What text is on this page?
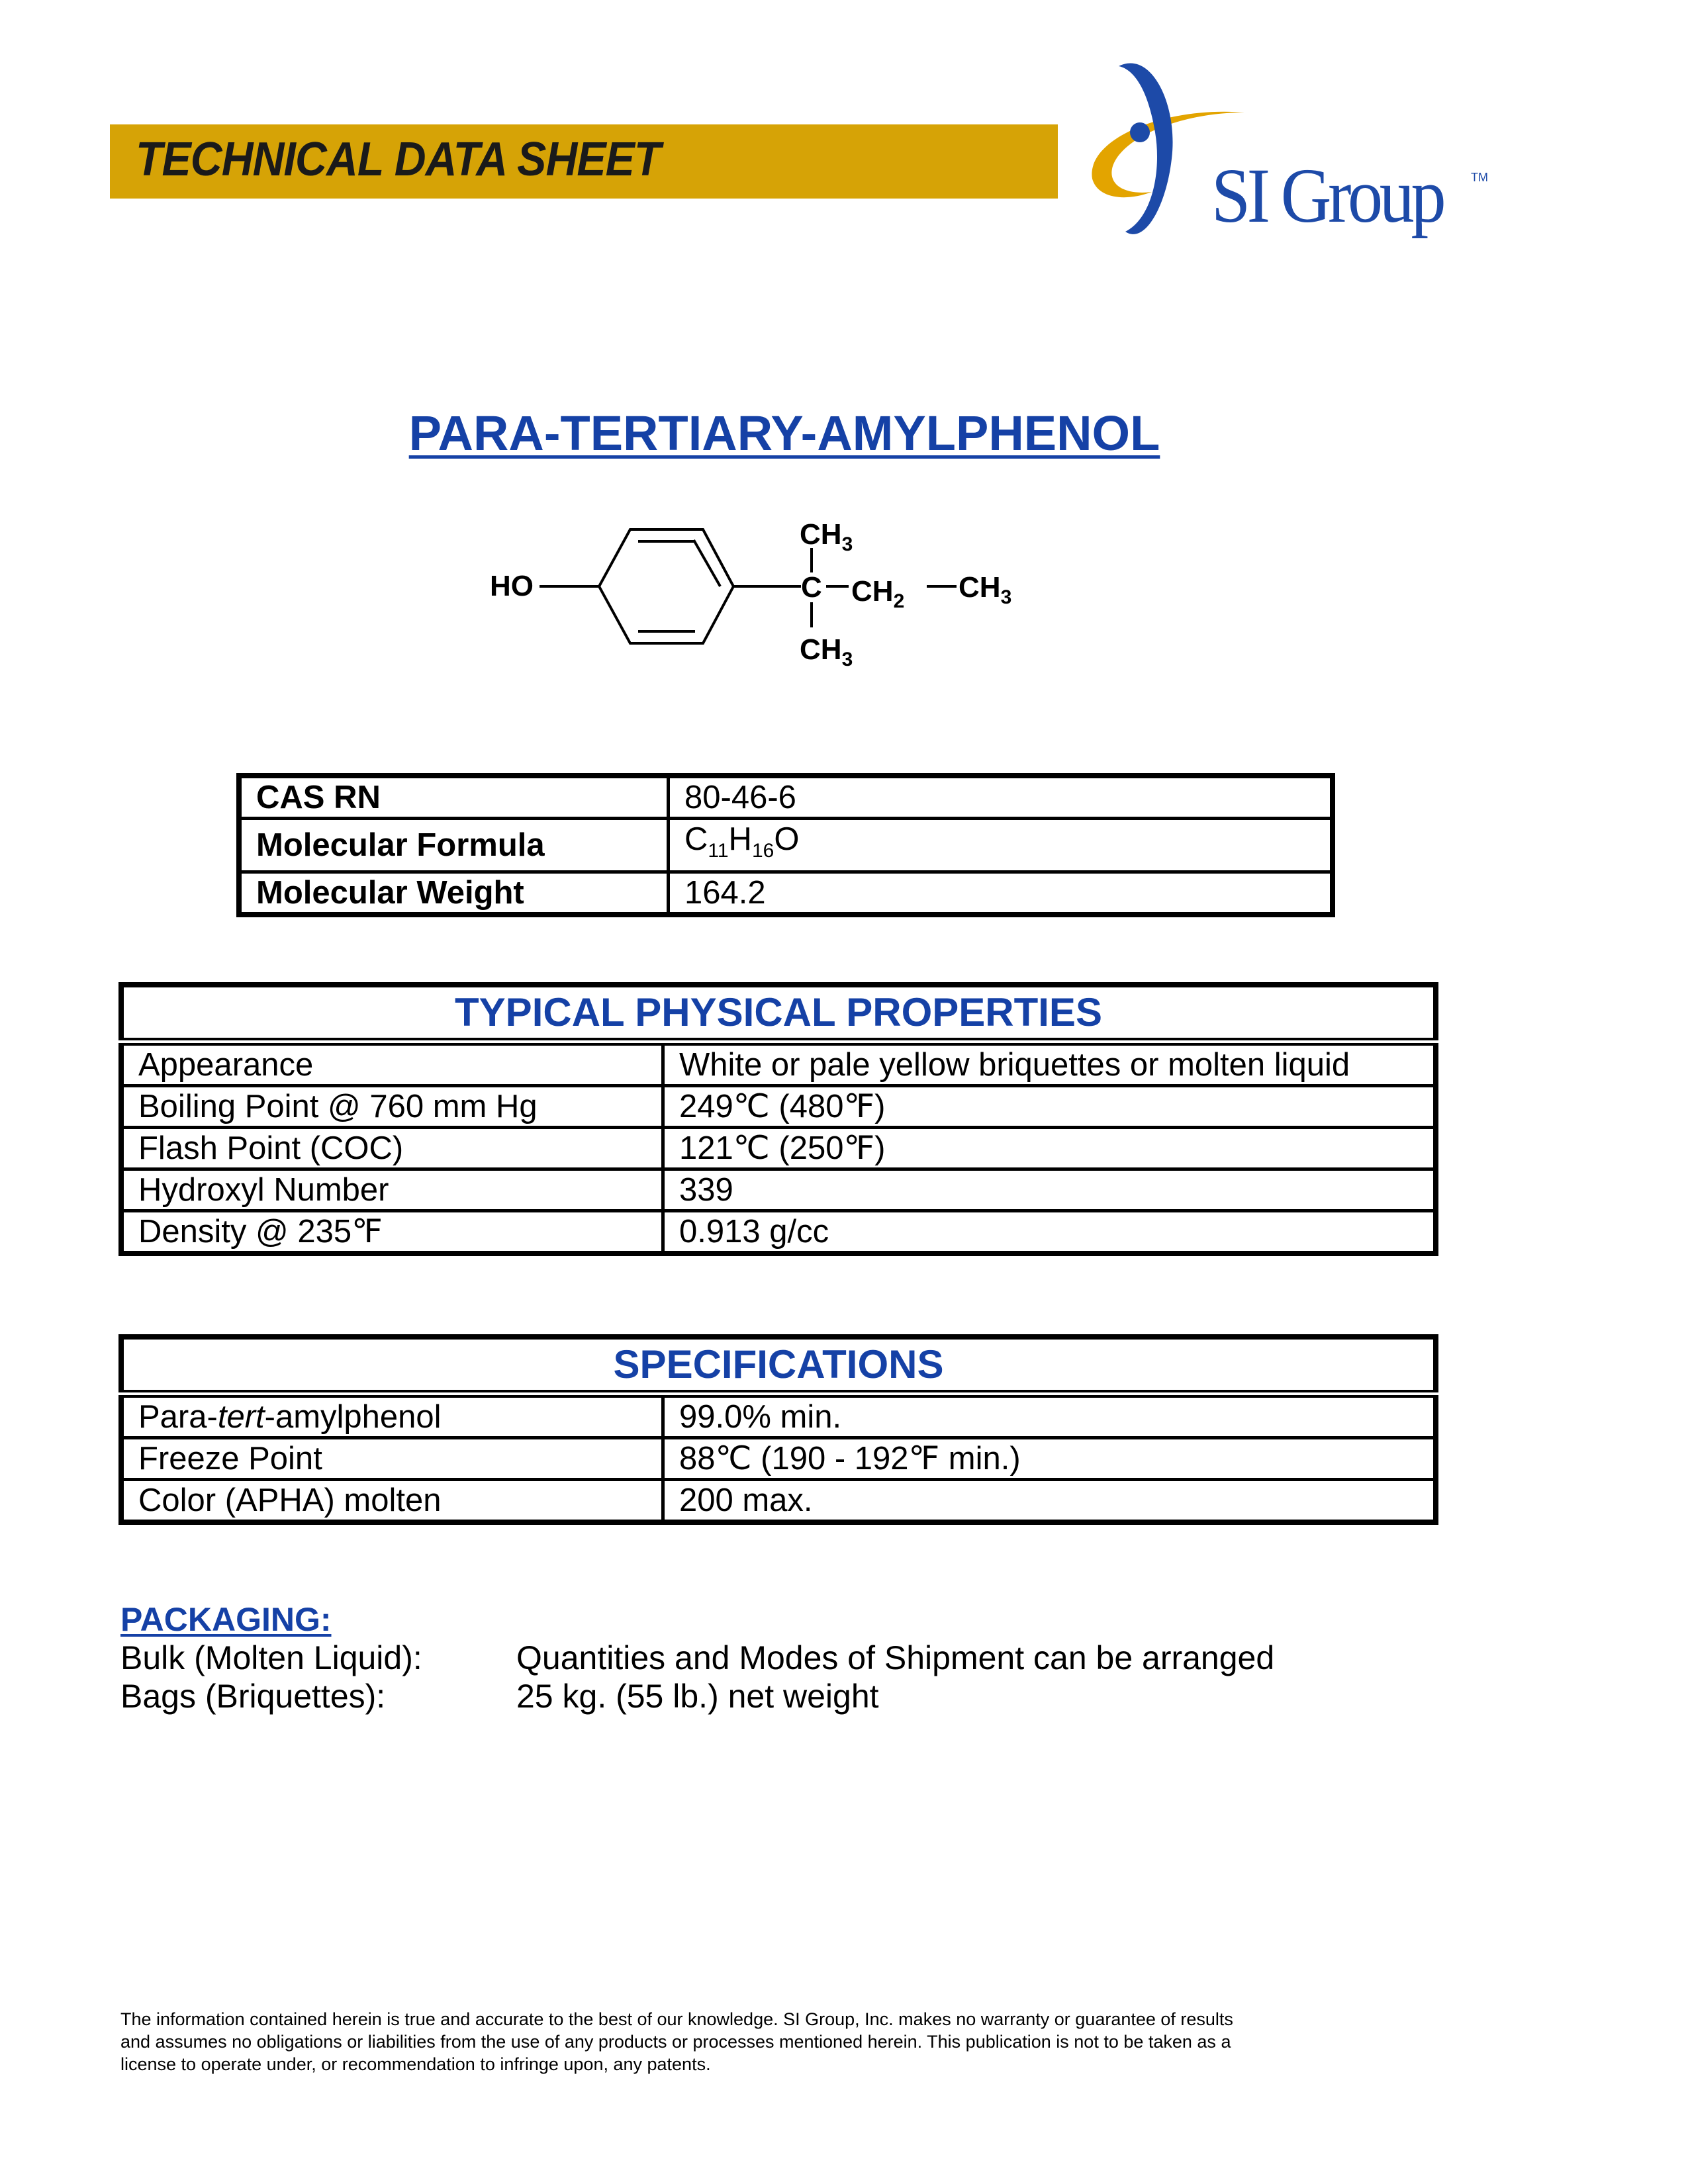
TECHNICAL DATA SHEET	SI Group TM
PARA-TERTIARY-AMYLPHENOL
HO	C
$CH_3$
$CH_3$
$CH_2$ $CH_3$
CAS RN	80-46-6
Molecular Formula	$C_{11}H_{16}O$
Molecular Weight	164.2
TYPICAL PHYSICAL PROPERTIES	
Appearance	White or pale yellow briquettes or molten liquid
Boiling Point @ 760 mm Hg	249℃ (480℉)
Flash Point (COC)	121℃ (250℉)
Hydroxyl Number	339
Density @ 235℉	0.913 g/cc
SPECIFICATIONS	
Para-tert-amylphenol	99.0% min.
Freeze Point	88℃ (190 - 192℉ min.)
Color (APHA) molten	200 max.
PACKAGING:
Bulk (Molten Liquid):	Quantities and Modes of Shipment can be arranged
Bags (Briquettes):	25 kg. (55 lb.) net weight
The information contained herein is true and accurate to the best of our knowledge. SI Group, Inc. makes no warranty or guarantee of results and assumes no obligations or liabilities from the use of any products or processes mentioned herein. This publication is not to be taken as a license to operate under, or recommendation to infringe upon, any patents.
